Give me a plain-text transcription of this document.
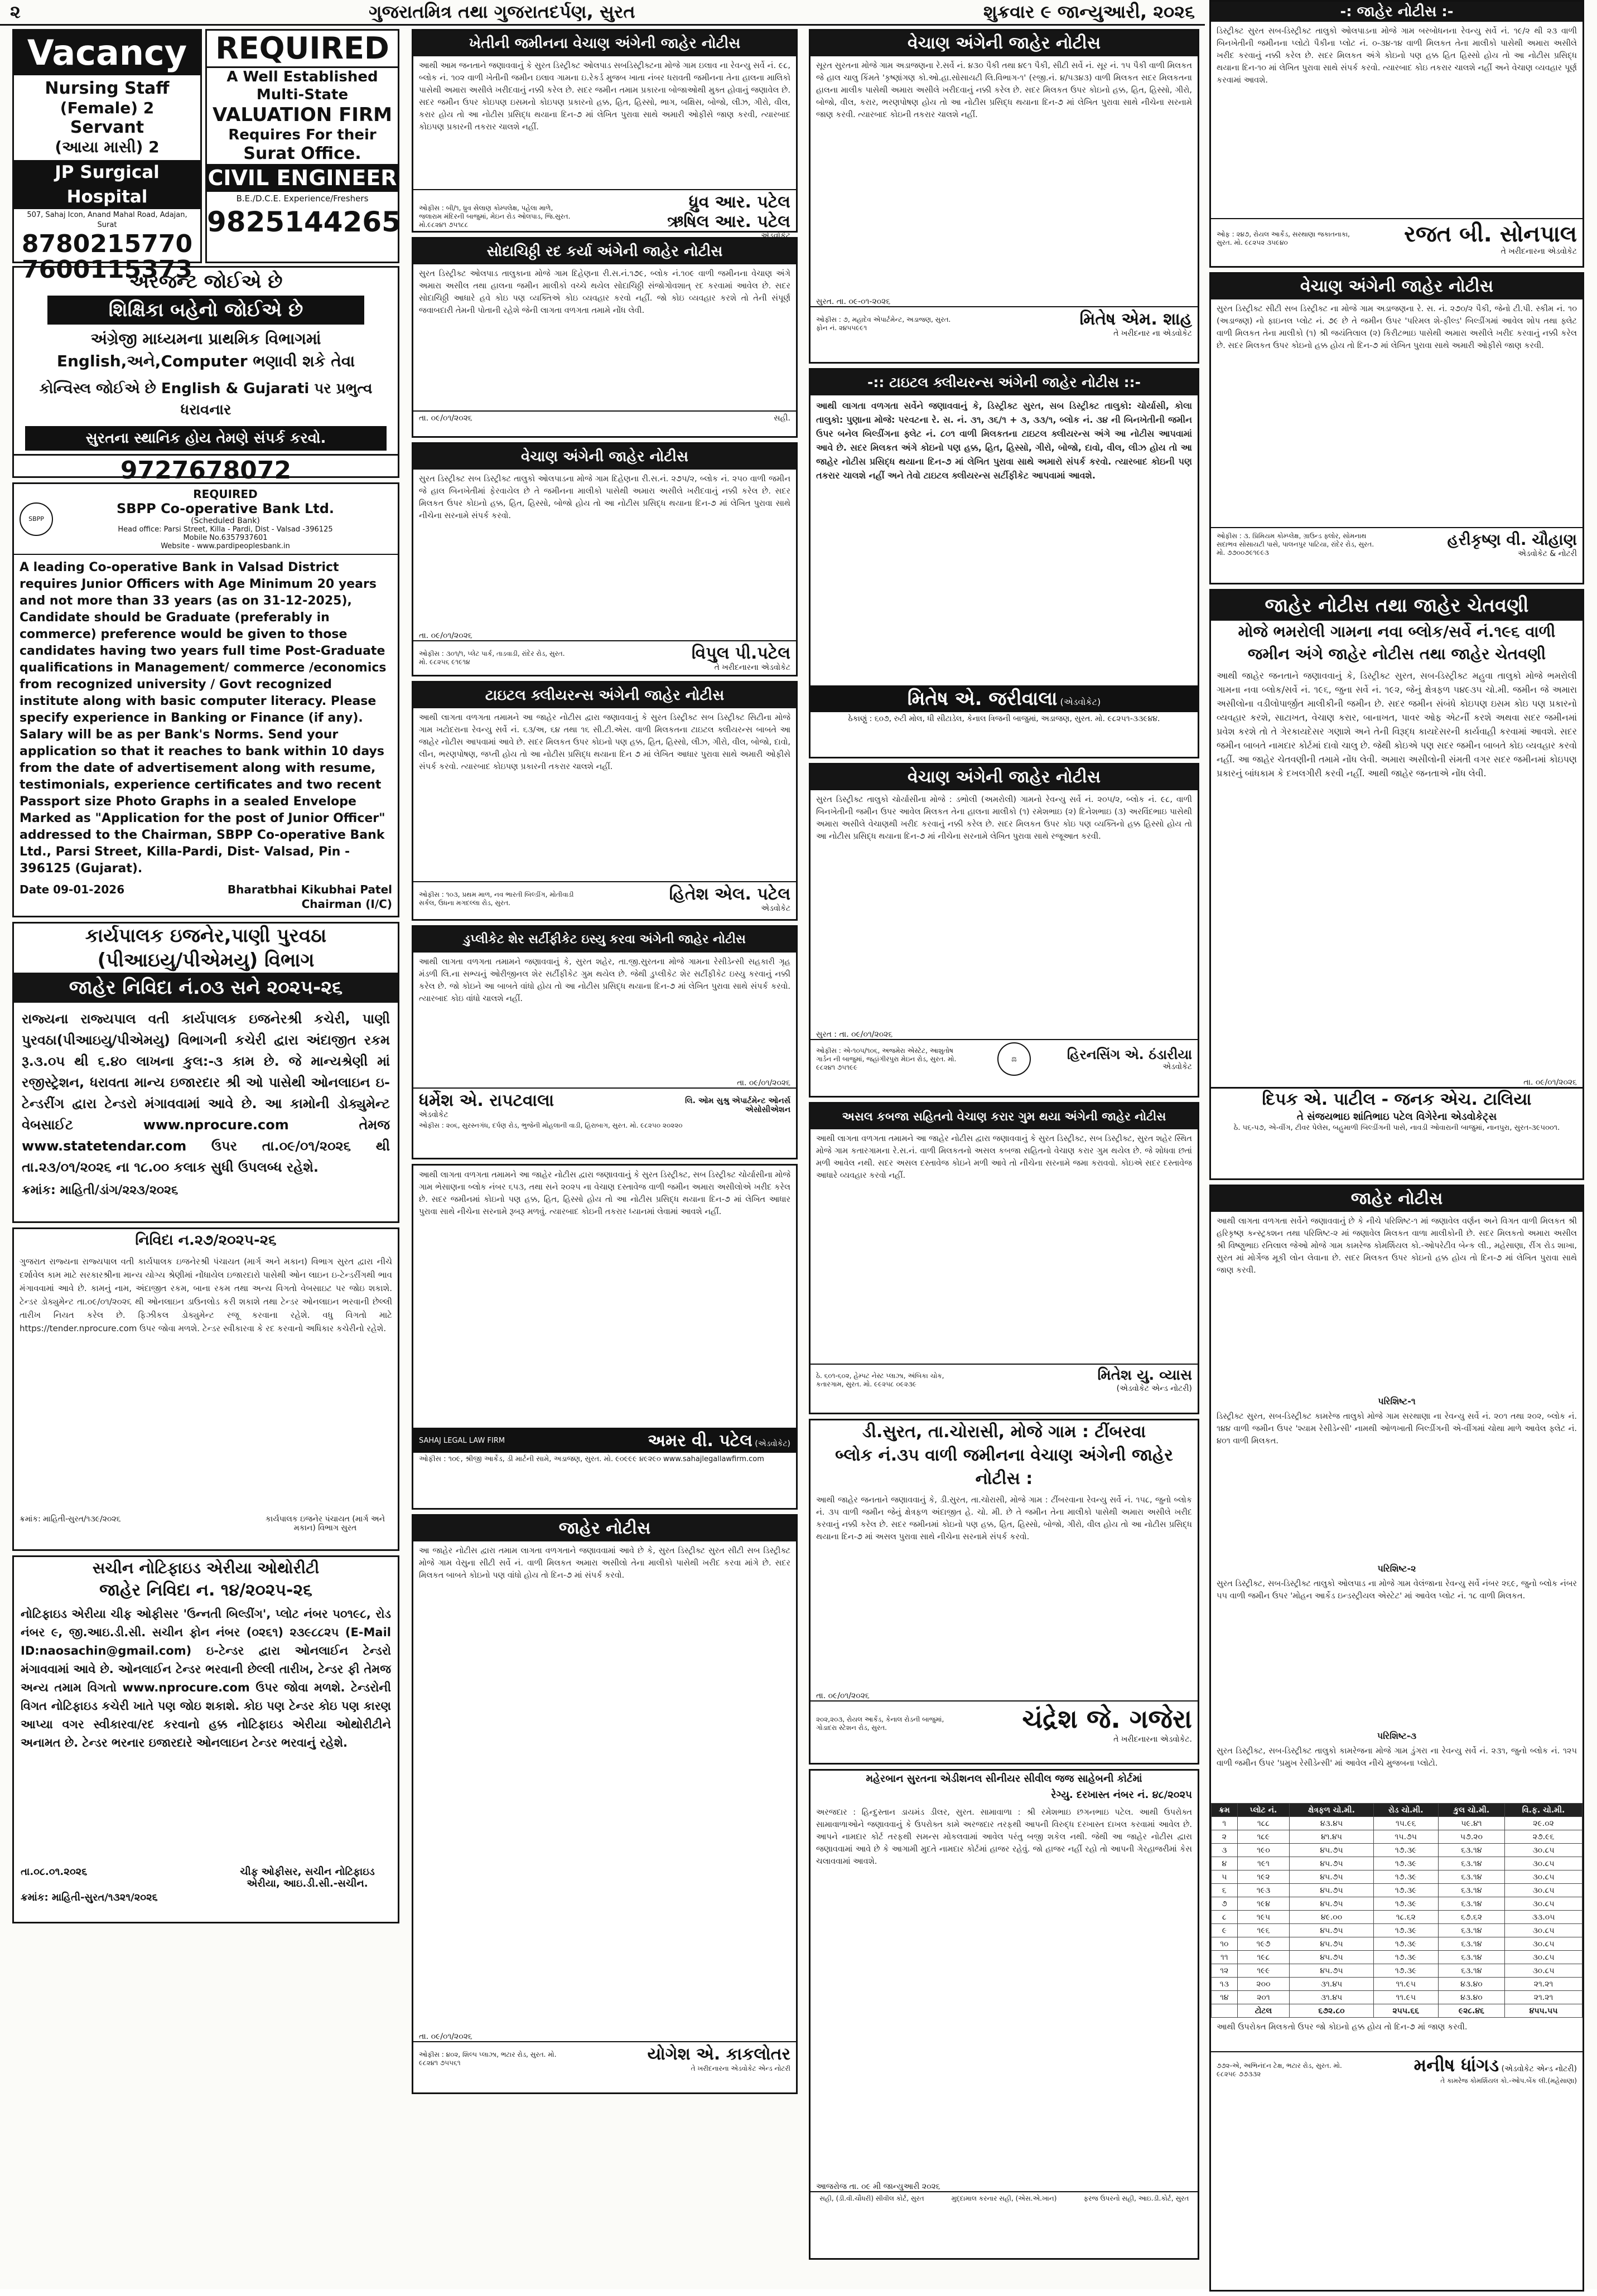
૨	ગુજરાતમિત્ર તથા ગુજરાતદર્પણ, સુરત	શુક્રવાર ૯ જાન્યુઆરી, ૨૦૨૬
Vacancy
Nursing Staff
(Female) 2
Servant
(આયા માસી) 2
JP Surgical Hospital
507, Sahaj Icon, Anand Mahal Road, Adajan, Surat
8780215770
7600115373
REQUIRED
A Well Established
Multi-State
VALUATION FIRM
Requires For their
Surat Office.
CIVIL ENGINEER
B.E./D.C.E. Experience/Freshers
9825144265
અરજન્ટ જોઈએ છે
શિક્ષિકા બહેનો જોઈએ છે
અંગ્રેજી માધ્યમના પ્રાથમિક વિભાગમાં English,અને,Computer ભણાવી શકે તેવા
કોન્વિસ્લ જોઈએ છે English & Gujarati પર પ્રભુત્વ ધરાવનાર
સુરતના સ્થાનિક હોય તેમણે સંપર્ક કરવો.
9727678072
SBPP
REQUIRED
SBPP Co-operative Bank Ltd.
(Scheduled Bank)
Head office: Parsi Street, Killa - Pardi, Dist - Valsad -396125
Mobile No.6357937601
Website - www.pardipeoplesbank.in
A leading Co-operative Bank in Valsad District requires Junior Officers with Age Minimum 20 years and not more than 33 years (as on 31-12-2025), Candidate should be Graduate (preferably in commerce) preference would be given to those candidates having two years full time Post-Graduate qualifications in Management/ commerce /economics from recognized university / Govt recognized institute along with basic computer literacy. Please specify experience in Banking or Finance (if any). Salary will be as per Bank's Norms. Send your application so that it reaches to bank within 10 days from the date of advertisement along with resume, testimonials, experience certificates and two recent Passport size Photo Graphs in a sealed Envelope Marked as "Application for the post of Junior Officer" addressed to the Chairman, SBPP Co-operative Bank Ltd., Parsi Street, Killa-Pardi, Dist- Valsad, Pin - 396125 (Gujarat).
Date 09-01-2026	Bharatbhai Kikubhai Patel
Chairman (I/C)
કાર્યપાલક ઇજનેર,પાણી પુરવઠા
(પીઆઇયુ/પીએમયુ) વિભાગ
જાહેર નિવિદા નં.૦૩ સને ૨૦૨૫-૨૬
રાજ્યના રાજ્યપાલ વતી કાર્યપાલક ઇજનેરશ્રી કચેરી, પાણી પુરવઠા(પીઆઇયુ/પીએમયુ) વિભાગની કચેરી દ્વારા અંદાજીત રકમ રૂ.૩.૦૫ થી ૬.૪૦ લાખના કુલ:-૩ કામ છે. જે માન્યશ્રેણી માં રજીસ્ટ્રેશન, ધરાવતા માન્ય ઇજારદાર શ્રી ઓ પાસેથી ઓનલાઇન ઇ-ટેન્ડરીંગ દ્વારા ટેન્ડરો મંગાવવામાં આવે છે. આ કામોની ડોક્યુમેન્ટ વેબસાઈટ www.nprocure.com તેમજ www.statetendar.com ઉપર તા.૦૯/૦૧/૨૦૨૬ થી તા.૨૩/૦૧/૨૦૨૬ ના ૧૮.૦૦ કલાક સુધી ઉપલબ્ધ રહેશે.
ક્રમાંક: માહિતી/ડાંગ/૨૨૩/૨૦૨૬
નિવિદા ન.૨૭/૨૦૨૫-૨૬
ગુજરાત રાજ્યના રાજ્યપાલ વતી કાર્યપાલક ઇજનેરશ્રી પંચાયત (માર્ગ અને મકાન) વિભાગ સુરત દ્વારા નીચે દર્શાવેલ કામ માટે સરકારશ્રીના માન્ય યોગ્ય શ્રેણીમાં નોંધાયેલ ઇજારદારો પાસેથી ઓન લાઇન ઇ-ટેન્ડરીંગથી ભાવ મંગાવવામાં આવે છે. કામનું નામ, અંદાજીત રકમ, બાના રકમ તથા અન્ય વિગતો વેબસાઇટ પર જોઇ શકાશે. ટેન્ડર ડોક્યુમેન્ટ તા.૦૯/૦૧/૨૦૨૬ થી ઓનલાઇન ડાઉનલોડ કરી શકાશે તથા ટેન્ડર ઓનલાઇન ભરવાની છેલ્લી તારીખ નિયત કરેલ છે. ફિઝીકલ ડોક્યુમેન્ટ રજૂ કરવાના રહેશે. વધુ વિગતો માટે https://tender.nprocure.com ઉપર જોવા મળશે. ટેન્ડર સ્વીકારવા કે રદ કરવાનો અધિકાર કચેરીનો રહેશે.
ક્રમાંક: માહિતી-સુરત/૧૩૯/૨૦૨૬	કાર્યપાલક ઇજનેર પંચાયત (માર્ગ અને મકાન) વિભાગ સુરત
સચીન નોટિફાઇડ એરીયા ઓથોરીટી
જાહેર નિવિદા ન. ૧૪/૨૦૨૫-૨૬
નોટિફાઇડ એરીયા ચીફ ઓફીસર 'ઉન્નતી બિલ્ડીંગ', પ્લોટ નંબર ૫૦૧૯૮, રોડ નંબર ૯, જી.આઇ.ડી.સી. સચીન ફોન નંબર (૦૨૬૧) ૨૩૯૮૮૨૫ (E-Mail ID:naosachin@gmail.com) ઇ-ટેન્ડર દ્વારા ઓનલાઈન ટેન્ડરો મંગાવવામાં આવે છે. ઓનલાઈન ટેન્ડર ભરવાની છેલ્લી તારીખ, ટેન્ડર ફી તેમજ અન્ય તમામ વિગતો www.nprocure.com ઉપર જોવા મળશે. ટેન્ડરોની વિગત નોટિફાઇડ કચેરી ખાતે પણ જોઇ શકાશે. કોઇ પણ ટેન્ડર કોઇ પણ કારણ આપ્યા વગર સ્વીકારવા/રદ કરવાનો હક્ક નોટિફાઇડ એરીયા ઓથોરીટીને અનામત છે. ટેન્ડર ભરનાર ઇજારદારે ઓનલાઇન ટેન્ડર ભરવાનું રહેશે.
તા.૦૮.૦૧.૨૦૨૬	ચીફ ઓફીસર, સચીન નોટિફાઇડ એરીયા, આઇ.ડી.સી.-સચીન.
ક્રમાંક: માહિતી-સુરત/૧૩૨૧/૨૦૨૬
ખેતીની જમીનના વેચાણ અંગેની જાહેર નોટીસ
આથી આમ જનતાને જણાવવાનું કે સુરત ડિસ્ટ્રીક્ટ ઓલપાડ સબડિસ્ટ્રીક્ટના મોજે ગામ ઇલાવ ના રેવન્યુ સર્વે નં. ૯૮, બ્લોક નં. ૧૦૨ વાળી ખેતીની જમીન ઇલાવ ગામના ઇ.રેકર્ડ મુજબ ખાતા નંબર ધરાવતી જમીનના તેના હાલના માલિકો પાસેથી અમારા અસીલે ખરીદવાનું નક્કી કરેલ છે. સદર જમીન તમામ પ્રકારના બોજાઓથી મુક્ત હોવાનું જણાવેલ છે. સદર જમીન ઉપર કોઇપણ ઇસમનો કોઇપણ પ્રકારનો હક્ક, હિત, હિસ્સો, ભાગ, બક્ષિસ, બોજો, લીઝ, ગીરો, વીલ, કરાર હોય તો આ નોટીસ પ્રસિદ્ધ થયાના દિન-૭ માં લેખિત પુરાવા સાથે અમારી ઓફીસે જાણ કરવી, ત્યારબાદ કોઇપણ પ્રકારની તકરાર ચાલશે નહીં.
ઓફીસ : બી/૧, ધ્રુવ સેલાણ કોમ્પલેક્ષ, પહેલા માળે, જલારામ મંદિરની બાજુમાં, મેઇન રોડ ઓલપાડ, જિ.સુરત. મો.૯૮૨૪૧ ૭૫૧૮૮
ધ્રુવ આર. પટેલ
ઋષિલ આર. પટેલ
એડવોકેટ
સોદાચિઠ્ઠી રદ કર્યા અંગેની જાહેર નોટીસ
સુરત ડિસ્ટ્રીક્ટ ઓલપાડ તાલુકાના મોજે ગામ દિહેણના રી.સ.નં.૧૭૯, બ્લોક નં.૧૦૯ વાળી જમીનના વેચાણ અંગે અમારા અસીલ તથા હાલના જમીન માલીકો વચ્ચે થયેલ સોદાચિઠ્ઠી સંજોગોવશાત્ રદ કરવામાં આવેલ છે. સદર સોદાચિઠ્ઠી આધારે હવે કોઇ પણ વ્યક્તિએ કોઇ વ્યવહાર કરવો નહીં. જો કોઇ વ્યવહાર કરશે તો તેની સંપૂર્ણ જવાબદારી તેમની પોતાની રહેશે જેની લાગતા વળગતા તમામે નોંધ લેવી.
તા. ૦૯/૦૧/૨૦૨૬	સહી.
વેચાણ અંગેની જાહેર નોટીસ
સુરત ડિસ્ટ્રીક્ટ સબ ડિસ્ટ્રીક્ટ તાલુકો ઓલપાડના મોજે ગામ દિહેણના રી.સ.નં. ૨૭૫/૨, બ્લોક નં. ૨૫૦ વાળી જમીન જે હાલ બિનખેતીમાં ફેરવાયેલ છે તે જમીનના માલીકો પાસેથી અમારા અસીલે ખરીદવાનું નક્કી કરેલ છે. સદર મિલકત ઉપર કોઇનો હક્ક, હિત, હિસ્સો, બોજો હોય તો આ નોટીસ પ્રસિદ્ધ થયાના દિન-૭ માં લેખિત પુરાવા સાથે નીચેના સરનામે સંપર્ક કરવો.
તા. ૦૯/૦૧/૨૦૨૬
ઓફીસ : ૩૦૧/૧, પ્લેટ પાર્ક, તાડવાડી, રાંદેર રોડ, સુરત. મો. ૯૮૨૫૬ ૯૧૯૧૪	વિપુલ પી.પટેલ
તે ખરીદનારના એડવોકેટ
ટાઇટલ ક્લીયરન્સ અંગેની જાહેર નોટીસ
આથી લાગતા વળગતા તમામને આ જાહેર નોટીસ દ્વારા જણાવવાનું કે સુરત ડિસ્ટ્રીક્ટ સબ ડિસ્ટ્રીક્ટ સિટીના મોજે ગામ ખટોદરાના રેવન્યુ સર્વે નં. ૬૩/અ, ૬૪ તથા ૧૬ સી.ટી.એસ. વાળી મિલકતના ટાઇટલ ક્લીયરન્સ બાબતે આ જાહેર નોટીસ આપવામાં આવે છે. સદર મિલકત ઉપર કોઇનો પણ હક્ક, હિત, હિસ્સો, લીઝ, ગીરો, વીલ, બોજો, દાવો, લીન, ભરણપોષણ, જપ્તી હોય તો આ નોટીસ પ્રસિદ્ધ થયાના દિન ૭ માં લેખિત આધાર પુરાવા સાથે અમારી ઓફીસે સંપર્ક કરવો. ત્યારબાદ કોઇપણ પ્રકારની તકરાર ચાલશે નહીં.
ઓફીસ : ૧૦૩, પ્રથમ માળ, નવ ભારતી બિલ્ડીંગ, મોતીવાડી સર્કલ, ઉધના મગદલ્લા રોડ, સુરત.	હિતેશ એલ. પટેલ
એડવોકેટ
ડુપ્લીકેટ શેર સર્ટીફીકેટ ઇસ્યુ કરવા અંગેની જાહેર નોટીસ
આથી લાગતા વળગતા તમામને જણાવવાનું કે, સુરત શહેર, તા.જી.સુરતના મોજે ગામના રેસીડેન્સી સહકારી ગૃહ મંડળી લિ.ના સભ્યનું ઓરીજીનલ શેર સર્ટીફીકેટ ગુમ થયેલ છે. જેથી ડુપ્લીકેટ શેર સર્ટીફીકેટ ઇસ્યુ કરવાનું નક્કી કરેલ છે. જો કોઇને આ બાબતે વાંધો હોય તો આ નોટીસ પ્રસિદ્ધ થયાના દિન-૭ માં લેખિત પુરાવા સાથે સંપર્ક કરવો. ત્યારબાદ કોઇ વાંધો ચાલશે નહીં.
તા. ૦૯/૦૧/૨૦૨૬
ધર્મેશ એ. રાપટવાલા
એડવોકેટ
લિ. ઓમ સુશ્રુ એપાર્ટમેન્ટ ઓનર્સ એસોસીએશન
ઓફીસ : ૨૦૬, સુરસ્નગંધ, દર્પણ રોડ, ભુજેની મોહલાની વાડી, હિરાબાગ, સુરત. મો. ૯૮૨૫૦ ૨૦૨૨૦
આથી લાગતા વળગતા તમામને આ જાહેર નોટીસ દ્વારા જણાવવાનું કે સુરત ડિસ્ટ્રીક્ટ, સબ ડિસ્ટ્રીક્ટ ચોર્યાસીના મોજે ગામ ભેસાણના બ્લોક નંબર ૬૫૩, તથા સને ૨૦૨૫ ના વેચાણ દસ્તાવેજ વાળી જમીન અમારા અસીલોએ ખરીદ કરેલ છે. સદર જમીનમાં કોઇનો પણ હક્ક, હિત, હિસ્સો હોય તો આ નોટીસ પ્રસિદ્ધ થયાના દિન-૭ માં લેખિત આધાર પુરાવા સાથે નીચેના સરનામે રૂબરૂ મળવું. ત્યારબાદ કોઇની તકરાર ધ્યાનમાં લેવામાં આવશે નહીં.
SAHAJ LEGAL LAW FIRM	અમર વી. પટેલ (એડવોકેટ)
ઓફીસ : ૧૦૯, શ્રીજી આર્કેડ, ડી માર્ટની સામે, અડાજણ, સુરત. મો. ૯૦૯૯૯ ૪૯૨૯૦ www.sahajlegallawfirm.com
જાહેર નોટીસ
આ જાહેર નોટીસ દ્વારા તમામ લાગતા વળગતાને જણાવવામાં આવે છે કે, સુરત ડિસ્ટ્રીક્ટ સુરત સીટી સબ ડિસ્ટ્રીક્ટ મોજે ગામ વેસુના સીટી સર્વે નં. વાળી મિલકત અમારા અસીલો તેના માલીકો પાસેથી ખરીદ કરવા માંગે છે. સદર મિલકત બાબતે કોઇનો પણ વાંધો હોય તો દિન-૭ માં સંપર્ક કરવો.
તા. ૦૯/૦૧/૨૦૨૬
ઓફીસ : ૪૦૨, શિલ્પ પ્લાઝા, ભટાર રોડ, સુરત. મો. ૯૮૨૪૧ ૭૫૫૬૧	યોગેશ એ. કાકલોતર
તે ખરીદનારના એડવોકેટ એન્ડ નોટરી
વેચાણ અંગેની જાહેર નોટીસ
સૂરત સુરતના મોજે ગામ અડાજણના રે.સર્વે નં. ૪૩૦ પૈકી તથા ૪૯૧ પૈકી, સીટી સર્વે નં. સૂર નં. ૧૫ પૈકી વાળી મિલકત જે હાલ ચાલુ કિંમતે 'કૃષ્ણાંગણ કો.ઓ.હા.સોસાયટી લિ.વિભાગ-૧' (રજી.નં. ૪/૫૩૪૩) વાળી મિલકત સદર મિલકતના હાલના માલીક પાસેથી અમારા અસીલે ખરીદવાનું નક્કી કરેલ છે. સદર મિલકત ઉપર કોઇનો હક્ક, હિત, હિસ્સો, ગીરો, બોજો, વીલ, કરાર, ભરણપોષણ હોય તો આ નોટીસ પ્રસિદ્ધ થયાના દિન-૭ માં લેખિત પુરાવા સાથે નીચેના સરનામે જાણ કરવી. ત્યારબાદ કોઇની તકરાર ચાલશે નહીં.
સુરત. તા. ૦૯-૦૧-૨૦૨૬
ઓફીસ : ૭, મહાદેવ એપાર્ટમેન્ટ, અડાજણ, સુરત. ફોન નં. ૨૪૫૫૯૯૧	મિતેષ એમ. શાહ
તે ખરીદનાર ના એડવોકેટ
-:: ટાઇટલ ક્લીયરન્સ અંગેની જાહેર નોટીસ ::-
આથી લાગતા વળગતા સર્વેને જણાવવાનું કે, ડિસ્ટ્રીક્ટ સુરત, સબ ડિસ્ટ્રીક્ટ તાલુકો: ચોર્યાસી, કોલા તાલુકો: પુણાના મોજે: પરવટના રે. સ. નં. ૩૧, ૩૬/૧ + ૩, ૩૩/૧, બ્લોક નં. ૩૪ ની બિનખેતીની જમીન ઉપર બનેલ બિલ્ડીંગના ફ્લેટ નં. ૮૦૧ વાળી મિલકતના ટાઇટલ ક્લીયરન્સ અંગે આ નોટીસ આપવામાં આવે છે. સદર મિલકત અંગે કોઇનો પણ હક્ક, હિત, હિસ્સો, ગીરો, બોજો, દાવો, વીલ, લીઝ હોય તો આ જાહેર નોટીસ પ્રસિદ્ધ થયાના દિન-૭ માં લેખિત પુરાવા સાથે અમારો સંપર્ક કરવો. ત્યારબાદ કોઇની પણ તકરાર ચાલશે નહીં અને તેવો ટાઇટલ ક્લીયરન્સ સર્ટીફીકેટ આપવામાં આવશે.
મિતેષ એ. જરીવાલા (એડવોકેટ)
ઠેકાણું : ૬૦૭, રુટી મોલ, ધી સીટાડેલ, કેનાલ ત્રિજની બાજુમાં, અડાજણ, સુરત. મો. ૯૮૨૫૧-૩૩૯૪૪.
વેચાણ અંગેની જાહેર નોટીસ
સુરત ડિસ્ટ્રીક્ટ તાલુકો ચોર્યાસીના મોજે : ડભોલી (અમરોલી) ગામનો રેવન્યુ સર્વે નં. ૨૦૫/૨, બ્લોક નં. ૯૮, વાળી બિનખેતીની જમીન ઉપર આવેલ મિલકત તેના હાલના માલીકો (૧) રમેશભાઇ (૨) દિનેશભાઇ (૩) અરવિંદભાઇ પાસેથી અમારા અસીલે વેચાણથી ખરીદ કરવાનું નક્કી કરેલ છે. સદર મિલકત ઉપર કોઇ પણ વ્યક્તિનો હક્ક હિસ્સો હોય તો આ નોટીસ પ્રસિદ્ધ થયાના દિન-૭ માં નીચેના સરનામે લેખિત પુરાવા સાથે રજૂઆત કરવી.
સુરત : તા. ૦૯/૦૧/૨૦૨૬
ઓફીસ : એ-૧૦૫/૧૦૬, અજમેરા એસ્ટેટ, આશુતોષ ગાર્ડન ની બાજુમાં, જહાંગીરપુરા મેઇન રોડ, સુરત. મો. ૯૮૨૪૧ ૭૫૧૯૯
⚖	હિરનસિંગ એ. ઠંડારીયા
એડવોકેટ
અસલ કબજા સહિતનો વેચાણ કરાર ગુમ થયા અંગેની જાહેર નોટીસ
આથી લાગતા વળગતા તમામને આ જાહેર નોટીસ દ્વારા જણાવવાનું કે સુરત ડિસ્ટ્રીક્ટ, સબ ડિસ્ટ્રીક્ટ, સુરત શહેર સ્થિત મોજે ગામ કતારગામના રે.સ.નં. વાળી મિલકતનો અસલ કબજા સહિતનો વેચાણ કરાર ગુમ થયેલ છે. જે શોધવા છતાં મળી આવેલ નથી. સદર અસલ દસ્તાવેજ કોઇને મળી આવે તો નીચેના સરનામે જમા કરાવવો. કોઇએ સદર દસ્તાવેજ આધારે વ્યવહાર કરવો નહીં.
ઠે. ૬૦૧-૬૦૨, હેમ્પટ નેસ્ટ પ્લાઝા, અંબિકા ચોક, કતારગામ, સુરત. મો. ૯૯૨૫૮ ૦૯૨૩૯
મિતેશ યુ. વ્યાસ
(એડવોકેટ એન્ડ નોટરી)
ડી.સુરત, તા.ચોરાસી, મોજે ગામ : ટીંબરવા
બ્લોક નં.૩૫ વાળી જમીનના વેચાણ અંગેની જાહેર નોટીસ :
આથી જાહેર જનતાને જણાવવાનું કે, ડી.સુરત, તા.ચોરાસી, મોજે ગામ : ટીંબરવાના રેવન્યુ સર્વે નં. ૧૫૮, જુનો બ્લોક નં. ૩૫ વાળી જમીન જેનું ક્ષેત્રફળ અંદાજીત હે. ચો. મી. છે તે જમીન તેના માલીકો પાસેથી અમારા અસીલે ખરીદ કરવાનું નક્કી કરેલ છે. સદર જમીનમાં કોઇનો પણ હક્ક, હિત, હિસ્સો, બોજો, ગીરો, વીલ હોય તો આ નોટીસ પ્રસિદ્ધ થયાના દિન-૭ માં અસલ પુરાવા સાથે નીચેના સરનામે સંપર્ક કરવો.
તા. ૦૯/૦૧/૨૦૨૬
૨૦૨,૨૦૩, રોયલ આર્કેડ, કેનાલ રોડની બાજુમાં, ગોડાદરા સ્ટેશન રોડ, સુરત.	ચંદ્રેશ જે. ગજેરા
તે ખરીદનારના એડવોકેટ.
મહેરબાન સુરતના એડીશનલ સીનીયર સીવીલ જજ સાહેબની કોર્ટમાં
રેગ્યુ. દરખાસ્ત નંબર નં. ૪૮/૨૦૨૫
અરજદાર : હિન્દુસ્તાન ડાયમંડ ડીલર, સુરત. સામાવાળા : શ્રી રમેશભાઇ છગનભાઇ પટેલ. આથી ઉપરોક્ત સામાવાળાઓને જણાવવાનું કે ઉપરોક્ત કામે અરજદાર તરફથી આપની વિરુદ્ધ દરખાસ્ત દાખલ કરવામાં આવેલ છે. આપને નામદાર કોર્ટ તરફથી સમન્સ મોકલવામાં આવેલ પરંતુ બજી શકેલ નથી. જેથી આ જાહેર નોટીસ દ્વારા જણાવવામાં આવે છે કે આગામી મુદતે નામદાર કોર્ટમાં હાજર રહેવું. જો હાજર નહીં રહો તો આપની ગેરહાજરીમાં કેસ ચલાવવામાં આવશે.
આજરોજ તા. ૦૯ મી જાન્યુઆરી ૨૦૨૬
સહી, (ડી.વી.ચૌધરી) સીવીલ કોર્ટ, સુરત	મુદ્દામાલ કરનાર સહી, (એસ.એ.ખાન)	ફરજ ઉપરનો સહી, આઇ.ડી.કોર્ટ, સુરત
-: જાહેર નોટીસ :-
ડિસ્ટ્રીક્ટ સુરત સબ-ડિસ્ટ્રીક્ટ તાલુકો ઓલપાડના મોજે ગામ બરબોધનના રેવન્યુ સર્વે નં. ૧૯/૨ થી ૨૩ વાળી બિનખેતીની જમીનના પ્લોટો પૈકીના પ્લોટ નં. ૦-૩૪-૧૪ વાળી મિલકત તેના માલીકો પાસેથી અમારા અસીલે ખરીદ કરવાનું નક્કી કરેલ છે. સદર મિલકત અંગે કોઇનો પણ હક્ક હિત હિસ્સો હોય તો આ નોટીસ પ્રસિદ્ધ થયાના દિન-૧૦ માં લેખિત પુરાવા સાથે સંપર્ક કરવો. ત્યારબાદ કોઇ તકરાર ચાલશે નહીં અને વેચાણ વ્યવહાર પૂર્ણ કરવામાં આવશે.
ઓફ : ૨૪૭, રોયલ આર્કેડ, સરથાણા જકાતનાકા, સુરત. મો. ૯૮૨૫૨ ૩૫૯૪૦	રજત બી. સોનપાલ
તે ખરીદનારના એડવોકેટ
વેચાણ અંગેની જાહેર નોટીસ
સુરત ડિસ્ટ્રીક્ટ સીટી સબ ડિસ્ટ્રીક્ટ ના મોજે ગામ અડાજણના રે. સ. નં. ૨૭૦/૨ પૈકી, જેનો ટી.પી. સ્કીમ નં. ૧૦ (અડાજણ) નો ફાઇનલ પ્લોટ નં. ૭૯ છે તે જમીન ઉપર 'પરિમલ શે-ફીલ્ડ' બિલ્ડીંગમાં આવેલ શોપ તથા ફ્લેટ વાળી મિલકત તેના માલીકો (૧) શ્રી જયંતિલાલ (૨) કિરીટભાઇ પાસેથી અમારા અસીલે ખરીદ કરવાનું નક્કી કરેલ છે. સદર મિલકત ઉપર કોઇનો હક્ક હોય તો દિન-૭ માં લેખિત પુરાવા સાથે અમારી ઓફીસે જાણ કરવી.
ઓફીસ : ૩. પ્રિમિયમ કોમ્પ્લેક્ષ, ગ્રાઉન્ડ ફ્લોર, સોમનાથ સદાભવ સોસાયટી પાસે, પાલનપુર પાટિયા, રાંદેર રોડ, સુરત. મો. ૭૭૦૦૭૯૧૯૯૩
હરીકૃષ્ણ વી. ચૌહાણ
એડવોકેટ & નોટરી
જાહેર નોટીસ તથા જાહેર ચેતવણી
મોજે ભમરોલી ગામના નવા બ્લોક/સર્વે નં.૧૯૬ વાળી
જમીન અંગે જાહેર નોટીસ તથા જાહેર ચેતવણી
આથી જાહેર જનતાને જણાવવાનું કે, ડિસ્ટ્રીક્ટ સુરત, સબ-ડિસ્ટ્રીક્ટ મહુવા તાલુકો મોજે ભમરોલી ગામના નવા બ્લોક/સર્વે નં. ૧૯૬, જુના સર્વે નં. ૧૯૨, જેનું ક્ષેત્રફળ ૫૪૯૩૫ ચો.મી. જમીન જે અમારા અસીલોના વડીલોપાર્જીત માલીકીની જમીન છે. સદર જમીન સંબંધે કોઇપણ ઇસમ કોઇ પણ પ્રકારનો વ્યવહાર કરશે, સાટાખત, વેચાણ કરાર, બાનાખત, પાવર ઓફ એટર્ની કરશે અથવા સદર જમીનમાં પ્રવેશ કરશે તો તે ગેરકાયદેસર ગણાશે અને તેની વિરૂદ્ધ કાયદેસરની કાર્યવાહી કરવામાં આવશે. સદર જમીન બાબતે નામદાર કોર્ટમાં દાવો ચાલુ છે. જેથી કોઇએ પણ સદર જમીન બાબતે કોઇ વ્યવહાર કરવો નહીં. આ જાહેર ચેતવણીની તમામે નોંધ લેવી. અમારા અસીલોની સંમતી વગર સદર જમીનમાં કોઇપણ પ્રકારનું બાંધકામ કે દખલગીરી કરવી નહીં. આથી જાહેર જનતાએ નોંધ લેવી.
તા. ૦૯/૦૧/૨૦૨૬
દિપક એ. પાટીલ - જનક એચ. ટાલિયા
તે સંજયભાઇ શાંતિભાઇ પટેલ વિગેરેના એડવોકેટ્સ
ઠે. ૫૬-૫૭, એ-વીંગ, ટીવર પેલેસ, બહુમાળી બિલ્ડીંગની પાસે, નાવડી ઓવારાની બાજુમાં, નાનપુરા, સુરત-૩૯૫૦૦૧.
જાહેર નોટીસ
આથી લાગતા વળગતા સર્વેને જણાવવાનું છે કે નીચે પરિશિષ્ટ-૧ માં જણાવેલ વર્ણન અને વિગત વાળી મિલકત શ્રી હરિકૃષ્ણ કન્સ્ટ્રક્શન તથા પરિશિષ્ટ-૨ માં જણાવેલ મિલકત વાળા માલીકોની છે. સદર મિલકતો અમારા અસીલ શ્રી વિષ્ણુભાઇ રતિલાલ જેઓ મોજે ગામ કામરેજ કોમર્શિયલ કો.-ઓપરેટીવ બેન્ક લી., મહેસાણા, રીંગ રોડ શાખા, સુરત માં મોર્ગેજ મૂકી લોન લેવાના છે. સદર મિલકત ઉપર કોઇનો હક્ક હોય તો દિન-૭ માં લેખિત પુરાવા સાથે જાણ કરવી.
પરિશિષ્ટ-૧
ડિસ્ટ્રીક્ટ સુરત, સબ-ડિસ્ટ્રીક્ટ કામરેજ તાલુકો મોજે ગામ સરથાણા ના રેવન્યુ સર્વે નં. ૨૦૧ તથા ૨૦૨, બ્લોક નં. ૧૪૪ વાળી જમીન ઉપર 'શ્યામ રેસીડેન્સી' નામથી ઓળખાતી બિલ્ડીંગની એ-વીંગમાં ચોથા માળે આવેલ ફ્લેટ નં. ૪૦૧ વાળી મિલકત.
પરિશિષ્ટ-૨
સુરત ડિસ્ટ્રીક્ટ, સબ-ડિસ્ટ્રીક્ટ તાલુકો ઓલપાડ ના મોજે ગામ વેલંજાના રેવન્યુ સર્વે નંબર ૨૬૯, જુનો બ્લોક નંબર ૫૫ વાળી જમીન ઉપર 'મોહન આર્કેડ ઇન્ડસ્ટ્રીયલ એસ્ટેટ' માં આવેલ પ્લોટ નં. ૧૮ વાળી મિલકત.
પરિશિષ્ટ-૩
સુરત ડિસ્ટ્રીક્ટ, સબ-ડિસ્ટ્રીક્ટ તાલુકો કામરેજના મોજે ગામ ડુંગરા ના રેવન્યુ સર્વે નં. ૨૩૧, જુનો બ્લોક નં. ૧૨૫ વાળી જમીન ઉપર 'પ્રમુખ રેસીડેન્સી' માં આવેલ નીચે મુજબના પ્લોટો.
ક્રમ	પ્લોટ નં.	ક્ષેત્રફળ ચો.મી.	રોડ ચો.મી.	કુલ ચો.મી.	વિ.ફ. ચો.મી.
૧	૧૮૮	૪૩.૪૫	૧૫.૯૬	૫૯.૪૧	૨૯.૦૨
૨	૧૮૯	૪૧.૪૫	૧૫.૭૫	૫૭.૨૦	૨૭.૯૬
૩	૧૯૦	૪૫.૭૫	૧૭.૩૯	૬૩.૧૪	૩૦.૮૫
૪	૧૯૧	૪૫.૭૫	૧૭.૩૯	૬૩.૧૪	૩૦.૮૫
૫	૧૯૨	૪૫.૭૫	૧૭.૩૯	૬૩.૧૪	૩૦.૮૫
૬	૧૯૩	૪૫.૭૫	૧૭.૩૯	૬૩.૧૪	૩૦.૮૫
૭	૧૯૪	૪૫.૭૫	૧૭.૩૯	૬૩.૧૪	૩૦.૮૫
૮	૧૯૫	૪૯.૦૦	૧૮.૬૨	૬૭.૬૨	૩૩.૦૫
૯	૧૯૬	૪૫.૭૫	૧૭.૩૯	૬૩.૧૪	૩૦.૮૫
૧૦	૧૯૭	૪૫.૭૫	૧૭.૩૯	૬૩.૧૪	૩૦.૮૫
૧૧	૧૯૮	૪૫.૭૫	૧૭.૩૯	૬૩.૧૪	૩૦.૮૫
૧૨	૧૯૯	૪૫.૭૫	૧૭.૩૯	૬૩.૧૪	૩૦.૮૫
૧૩	૨૦૦	૩૧.૪૫	૧૧.૯૫	૪૩.૪૦	૨૧.૨૧
૧૪	૨૦૧	૩૧.૪૫	૧૧.૯૫	૪૩.૪૦	૨૧.૨૧
	ટોટલ	૬૭૨.૮૦	૨૫૫.૬૬	૯૨૮.૪૬	૪૫૫.૫૫
આથી ઉપરોક્ત મિલકતો ઉપર જો કોઇનો હક્ક હોય તો દિન-૭ માં જાણ કરવી.
૭૭૨-એ, અભિનંદન ટેક્ષ, ભટાર રોડ, સુરત. મો. ૯૮૨૫૯ ૭૭૩૩૨	મનીષ ધાંગડ (એડવોકેટ એન્ડ નોટરી)
તે કામરેજ કોમર્શિયલ કો.-ઓપ.બેંક લી.(મહેસાણા)
